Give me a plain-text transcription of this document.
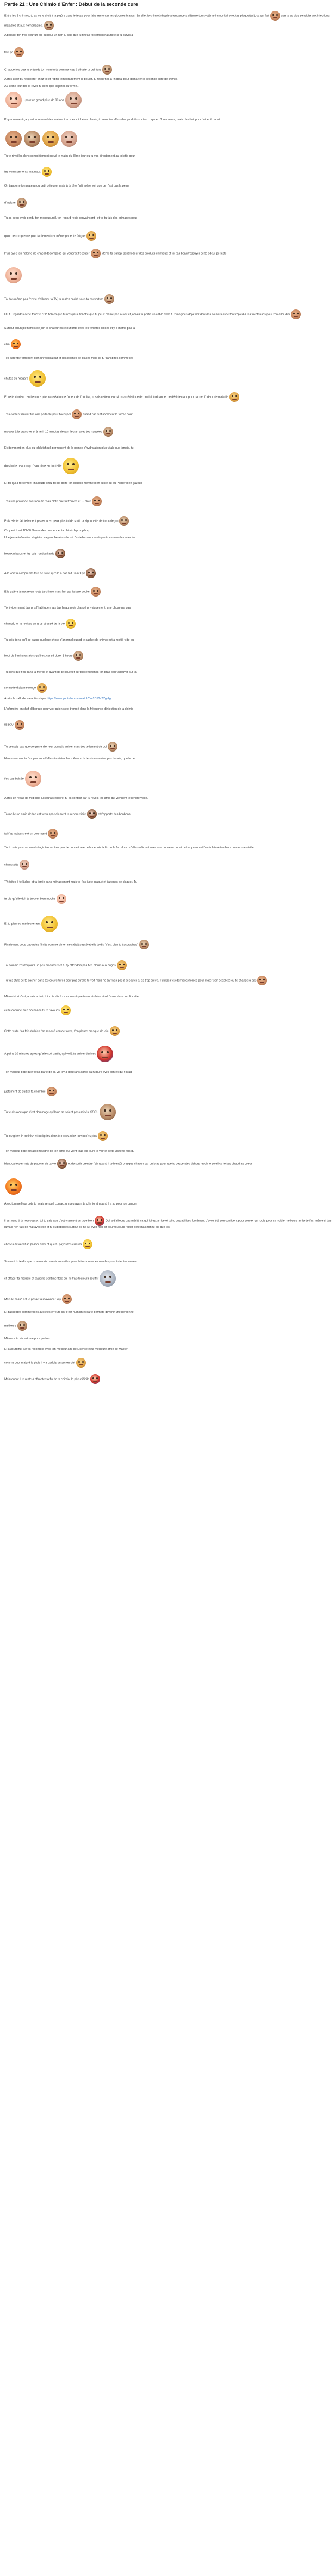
Partie 21 : Une Chimio d'Enfer : Début de la seconde cure
Entre les 2 chimios, tu as vu le droit à la piqûre dans le fesse pour faire remonter tes globules blancs. En effet le chimiothérapie a tendance a détruire ton système immunitaire (et tes plaquettes), ca qui fait	que tu es plus sensible aux infections, maladies et aux hémorragies.
A baisser ton froc pour un oui ou pour un non tu sais que tu finiras forcément naturiste si tu survis à
tout ça
Chaque fois que tu entends ton nom tu te commences à défaite ta ceinture
Après avoir pu récupérer chez toi et repris temporairement le boulot, tu retournes à l'hôpital pour démarrer la seconde cure de chimio.
Au 3ème jour dès le réveil tu sens que tu pètes la forme...
...pour un grand père de 90 ans
Physiquement ça y est tu ressembles vraiment au mec cliché en chimio, tu sens les effets des produits sur ton corps en 3 semaines, mais c'est fait pour t'aider il parait
Tu te réveilles donc complètement crevé le matin du 3ème jour ou tu vas directement au toilette pour
tes vomissements matinaux
On t'apporte ton plateau du petit déjeuner mais à ta tête l'infirmière voit que ce n'est pas la peine
d'insister
Tu as beau avoir perdu ton monoucurcil, ton regard reste convaincant , et toi tu fais des grimaces pour
qu'on te comprenne plus facilement car même parler te fatigue
Puis avec ton haleine de chacal décomposé qui voudrait t'écouter	Même ta transpi sent l'odeur des produits chimique et toi t'as beau t'essuyer cette odeur persiste
Toi t'as même pas l'envie d'allumer ta TV, tu restes caché sous ta couverture
Où tu regardes cette fenêtre et là t'ahiès que tu n'as plus, fenêtre que tu peux même pas ouvrir et jamais tu pertis un câble alors tu t'imagines déjà filer dans les couloirs avec ton trépied à tes tricoteuses pour t'en aller d'ici
Surtout qu'un plein mois de juin la chaleur est étouffante avec les fenêtres closes et y a même pas la
clim
Tes parents t'amenent bien un ventilateur et des poches de glaces mais toi tu transpires comme les
chutes du Niagara
Et cette chaleur rend encore plus nauséabonde l'odeur de l'hôpital, tu sais cette odeur si caractéristique de produit toxicant et de désinfectant pour cacher l'odeur de maladie
T'es content d'avoir ton ordi portable pour t'occuper	quand t'as suffisamment la forme pour
mouver à le brancher et à tenir 10 minutes devant l'écran avec tes nausées
Evidemment en plus du tchik tchouk permanent de la pompe d'hydratation plus vitale que jamais, tu
dois boire beaucoup d'eau plate en bouteille
Et toi qui a forcément l'habitude chez toi de boire ton diabolo menthe bien sucré ou du Perrier bien gazeux
T'as une profonde aversion de l'eau plate que tu trouves et ... plate
Puis elle te fait tellement pisser tu en peux plus toi de sortir ta zigounette de ton caleçon
Ca y est il est 10h30 l'heure de commencer ta chimio hip hop hop
Une jeune infirmière stagiaire s'approche alors de toi, t'es tellement crevé que tu ceuves de mater les
beaux nibards et les culs rondouillards
A la voir tu comprends tout de suite qu'elle a pas fait Saint Cyr
Elle galère à mettre en route ta chimio mais finit par la faire couler
Toi évidemment t'as pris l'habitude mais t'as beau avoir changé physiquement, une chose n'a pas
changé, toi tu revises un gros stressé de la vie
Tu cois donc qu'il se passe quelque chose d'anormal quand le sachet de chimio est à moitié vide au
bout de 5 minutes alors qu'il est censé durer 1 heure
Tu sens que t'es dans la merde et avant de te liquéfier sur place tu tends ton bras pour appuyer sur ta
sonnette d'alarme rouge
Après la mélodie caractéristique https://www.youtube.com/watch?v=1D50a2Yg-2g
L'infirmière en chef débarque pour voir qu'on s'est trompé dans la fréquence d'injection de la chimio
ISSOU
Tu pensais pas que ce genre d'erreur pouvais arriver mais t'es tellement de bol
Heureusement tu t'as pas trop d'effets indésirables même si ta tension va n'est pas tassée, quelle ne
t'es pas baisée
Après un repas de midi que tu saurais encore, tu es content car tu revois tes amis qui viennent te rendre visite.
Ta meilleure amie de fac est venu spécialement te rendre visite	et t'apporte des bonbons,
toi t'as toujours été un gourmand
Toi tu sais pas comment réagir t'as eu très peu de contact avec elle depuis la fin de la fac alors qu'elle s'affichait avec son nouveau copain et sa promo et l'avoir laissé tomber comme une vieille
chaussette
T'hésites à te lâcher et ta jamie sans ménagement mais toi t'as juste craqué et t'attends de claquer. Tu
te dis qu'elle doit te trouver bien moche
Et tu pleures intérieurement
Finalement vous bavardez (limite comme si rien ne s'était passé et elle te dis "c'est bien tu t'accroches"
Toi comme t'es toujours un peu amoureux et tu t'y attendais pas t'en pleurs aux anges
Tu fais style de te cacher dans tes couvertures pour pas qu'elle te voit mais ho t'arrives pas à t'écouter tu es trop crevé. T'utilises tes dernières forces pour mater son décolleté ou te changera pas
Même ici si c'est jamais arrivé, toi tu te dis à ce moment que tu aurais bien aimé l'avoir dans ton lit cette
cette coquine bien cochonne tu te l'avoues
Cette visite t'as fais du bien t'as renoué contact avec, t'en pleure presque de joie
A peine 10 minutes après qu'elle soit partie, qui voilà tu arriver devines
Ton meilleur pote qui t'avais parlé de sa vie il y a deux ans après sa rupture avec son ex qui t'avait
justement de quitter ta chambre
Tu te dis alors que c'est dommage qu'ils ne se soient pas croisés ISSOU
Tu imagines le malaise et tu rigoles dans ta moustache que tu n'as plus
Ton meilleur pote est accompagné de ton amie qui vient tous les jours te voir et cette visite te fais du
bien, ca te permets de papoter de ta vie	et de sortir prendre l'air quand il te bientôt presque chacun par un bras pour que tu descendes dehors revoir le soleil ca te fais chaud au coeur
Avec ton meilleur pote tu avais renoué contact un peu avant ta chimio et quand il a su pour ton cancer
il est venu à ta rescousse , toi tu sais que c'est vraiment un type bien	Qui a d'ailleurs pas mérité ca qui lui est arrivé et toi tu culpabilises forcément d'avoir été son confident pour son ex qui roule pour sa nuit le meilleure amie de fac, même si t'as jamais rien fais de mal avec elle et tu culpabilises surtout de ne lui avoir rien dit pour toujours rester pote mais ton tu dis que les
choses devaient se passer ainsi et que tu payes tes erreurs
Souvent tu te dis que tu aimerais revenir en arrière pour éviter toutes les merdes pour toi et tes autres,
et effacer ta maladie et ta peine sentimentale qui ne t'ais toujours souffrir
Mais le passé est le passé faut avancer koy
Et t'acceptes comme tu es avec tes erreurs car c'est humain et ca te permets devenir une personne
meilleure
Même si tu vis est une pure perfols...
Et aujourd'hui tu t'es réconcilié avec ton meilleur ami de Licence et ta meilleure amie de Master
comme quoi malgré la pluie il y a parfois un arc en ciel
Maintenant il te reste à affronter ta fin de ta chimio, le plus difficile
